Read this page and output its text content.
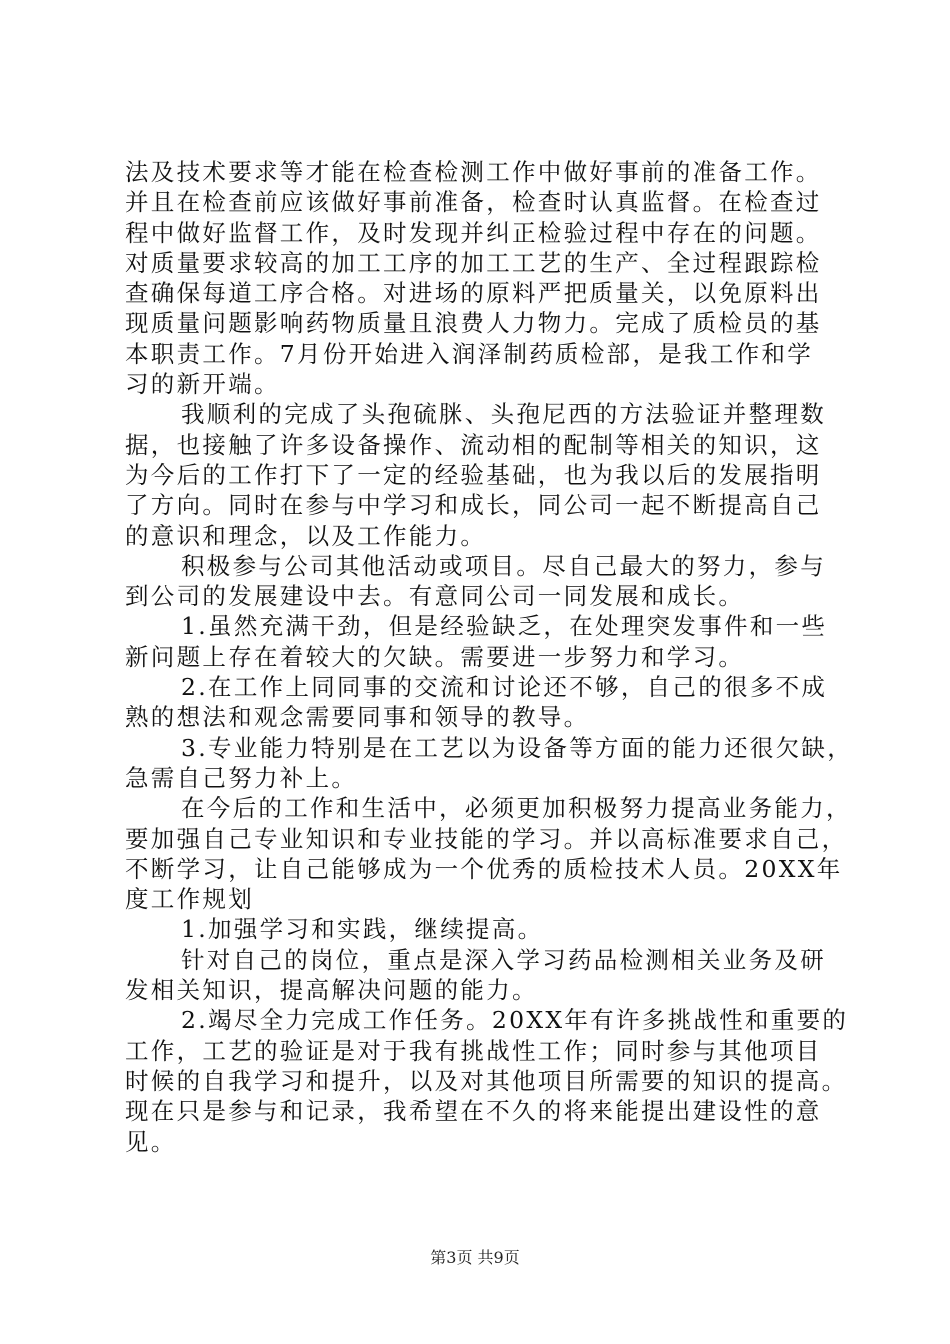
法及技术要求等才能在检查检测工作中做好事前的准备工作。
并且在检查前应该做好事前准备，检查时认真监督。在检查过
程中做好监督工作，及时发现并纠正检验过程中存在的问题。
对质量要求较高的加工工序的加工工艺的生产、全过程跟踪检
查确保每道工序合格。对进场的原料严把质量关，以免原料出
现质量问题影响药物质量且浪费人力物力。完成了质检员的基
本职责工作。7月份开始进入润泽制药质检部，是我工作和学
习的新开端。
我顺利的完成了头孢硫脒、头孢尼西的方法验证并整理数
据，也接触了许多设备操作、流动相的配制等相关的知识，这
为今后的工作打下了一定的经验基础，也为我以后的发展指明
了方向。同时在参与中学习和成长，同公司一起不断提高自己
的意识和理念，以及工作能力。
积极参与公司其他活动或项目。尽自己最大的努力，参与
到公司的发展建设中去。有意同公司一同发展和成长。
1.虽然充满干劲，但是经验缺乏，在处理突发事件和一些
新问题上存在着较大的欠缺。需要进一步努力和学习。
2.在工作上同同事的交流和讨论还不够，自己的很多不成
熟的想法和观念需要同事和领导的教导。
3.专业能力特别是在工艺以为设备等方面的能力还很欠缺，
急需自己努力补上。
在今后的工作和生活中，必须更加积极努力提高业务能力，
要加强自己专业知识和专业技能的学习。并以高标准要求自己，
不断学习，让自己能够成为一个优秀的质检技术人员。20XX年
度工作规划
1.加强学习和实践，继续提高。
针对自己的岗位，重点是深入学习药品检测相关业务及研
发相关知识，提高解决问题的能力。
2.竭尽全力完成工作任务。20XX年有许多挑战性和重要的
工作，工艺的验证是对于我有挑战性工作；同时参与其他项目
时候的自我学习和提升，以及对其他项目所需要的知识的提高。
现在只是参与和记录，我希望在不久的将来能提出建设性的意
见。
第3页 共9页
